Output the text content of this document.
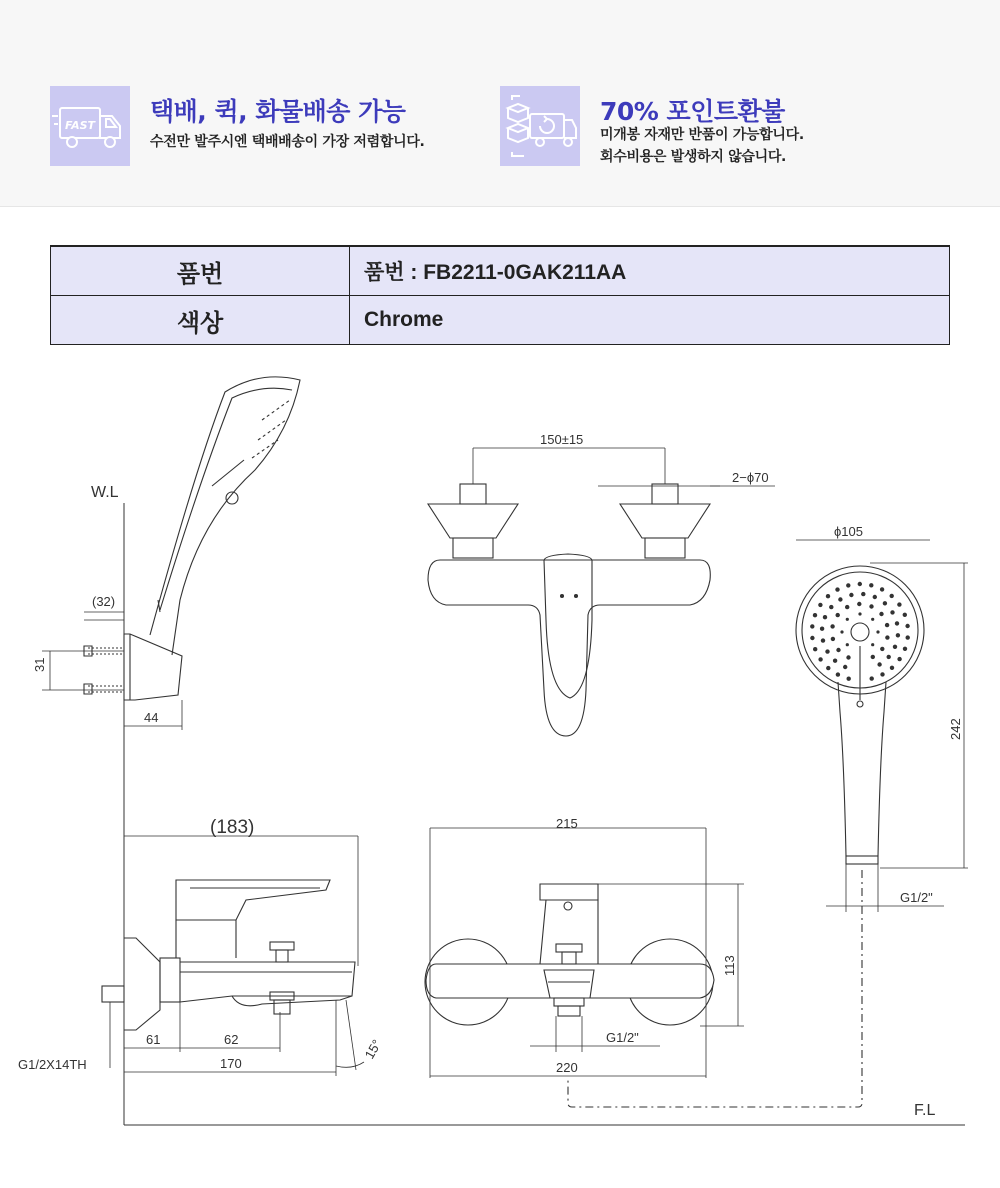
FAST 택배, 퀵, 화물배송 가능
수전만 발주시엔 택배배송이 가장 저렴합니다.
70% 포인트환불
미개봉 자재만 반품이 가능합니다.
회수비용은 발생하지 않습니다.
품번	품번 : FB2211-0GAK211AA
색상	Chrome
W.L
F.L
(32)
31
44
150±15
2−ϕ70
ϕ105
242
G1/2"
(183)
61	62
170
G1/2X14TH
15°
215
113
G1/2"
220
